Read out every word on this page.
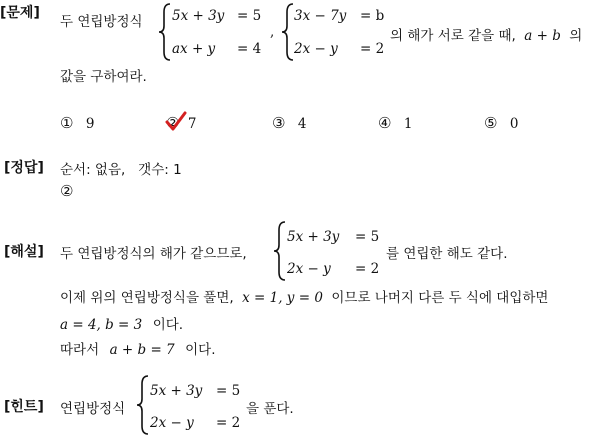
[문제]
두 연립방정식 5x + 3y = 5
ax + y = 4
,
3x − 7y = b
2x − y = 2
의 해가 서로 같을 때, a + b 의
값을 구하여라.
① 9	② 7	③ 4	④ 1	⑤ 0
[정답] 순서: 없음,   갯수: 1
②
[해설] 두 연립방정식의 해가 같으므로,
5x + 3y = 5
2x − y = 2
를 연립한 해도 같다.
이제 위의 연립방정식을 풀면, x = 1, y = 0 이므로 나머지 다른 두 식에 대입하면
a = 4, b = 3 이다.
따라서 a + b = 7 이다.
[힌트] 연립방정식
5x + 3y = 5
2x − y = 2
을 푼다.
